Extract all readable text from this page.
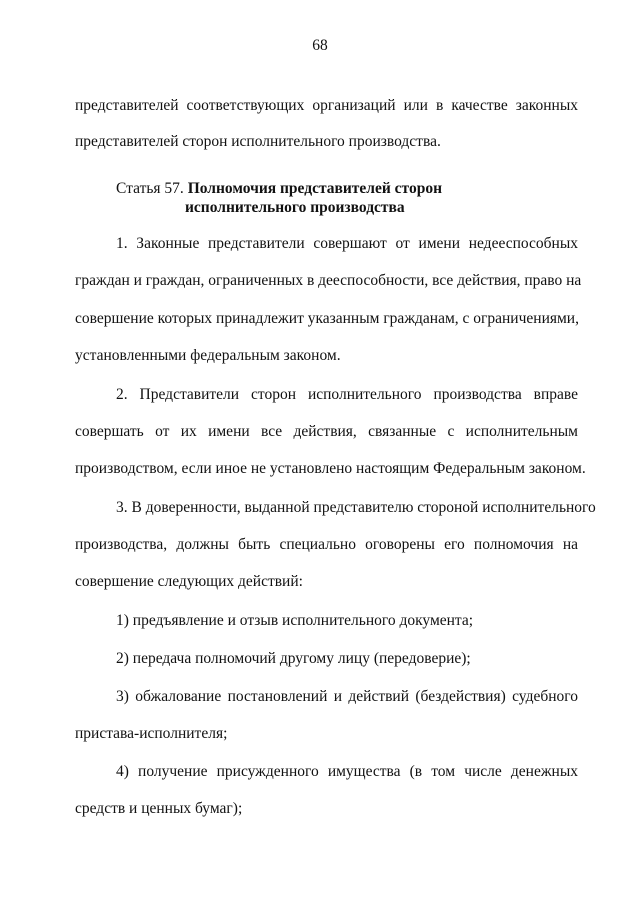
68
представителей соответствующих организаций или в качестве законных
представителей сторон исполнительного производства.
Статья 57. Полномочия представителей сторон
исполнительного производства
1. Законные представители совершают от имени недееспособных
граждан и граждан, ограниченных в дееспособности, все действия, право на
совершение которых принадлежит указанным гражданам, с ограничениями,
установленными федеральным законом.
2. Представители сторон исполнительного производства вправе
совершать от их имени все действия, связанные с исполнительным
производством, если иное не установлено настоящим Федеральным законом.
3. В доверенности, выданной представителю стороной исполнительного
производства, должны быть специально оговорены его полномочия на
совершение следующих действий:
1) предъявление и отзыв исполнительного документа;
2) передача полномочий другому лицу (передоверие);
3) обжалование постановлений и действий (бездействия) судебного
пристава-исполнителя;
4) получение присужденного имущества (в том числе денежных
средств и ценных бумаг);
